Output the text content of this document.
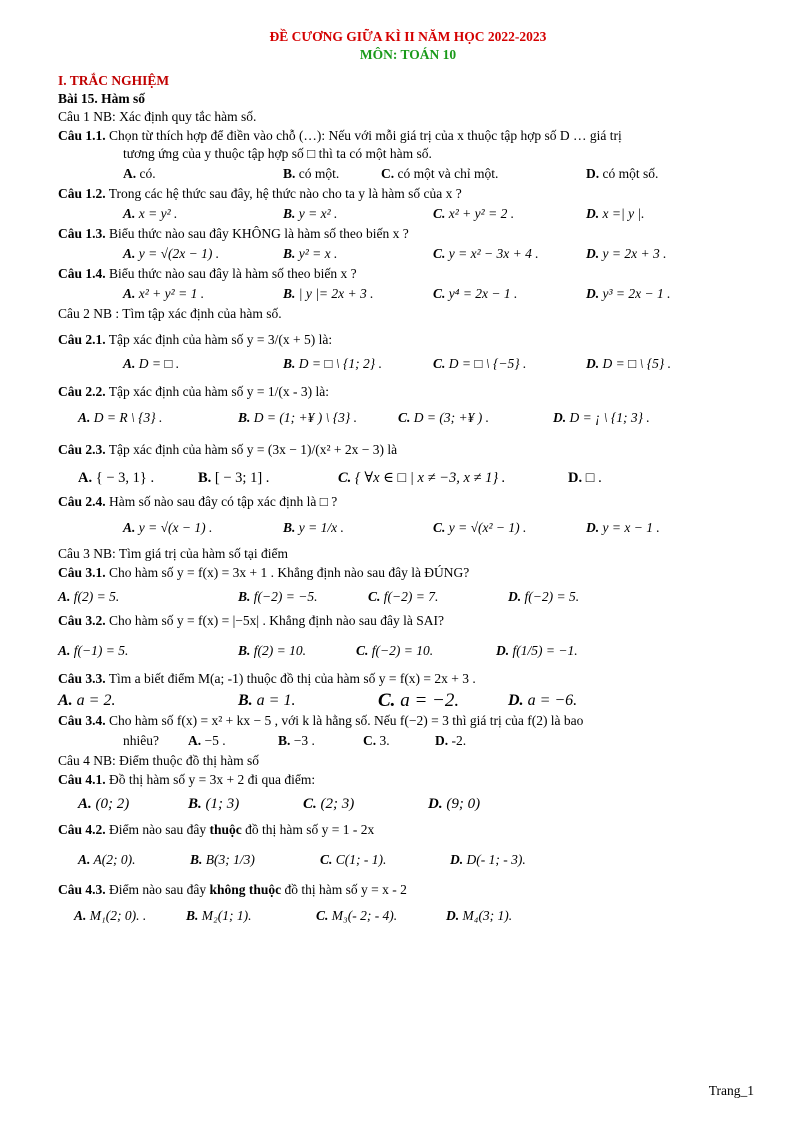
ĐỀ CƯƠNG GIỮA KÌ II NĂM HỌC 2022-2023
MÔN: TOÁN 10
I. TRẮC NGHIỆM
Bài 15. Hàm số
Câu 1 NB: Xác định quy tắc hàm số.
Câu 1.1. Chọn từ thích hợp để điền vào chỗ (…): Nếu với mỗi giá trị của x thuộc tập hợp số D … giá trị
tương ứng của y thuộc tập hợp số □ thì ta có một hàm số.
A. có.	B. có một.	C. có một và chỉ một.	D. có một số.
Câu 1.2. Trong các hệ thức sau đây, hệ thức nào cho ta y là hàm số của x ?
A. x = y² .	B. y = x² .	C. x² + y² = 2 .	D. x =| y |.
Câu 1.3. Biểu thức nào sau đây KHÔNG là hàm số theo biến x ?
A. y = √(2x − 1) .	B. y² = x .	C. y = x² − 3x + 4 .	D. y = 2x + 3 .
Câu 1.4. Biểu thức nào sau đây là hàm số theo biến x ?
A. x² + y² = 1 .	B. | y |= 2x + 3 .	C. y⁴ = 2x − 1 .	D. y³ = 2x − 1 .
Câu 2 NB : Tìm tập xác định của hàm số.
Câu 2.1. Tập xác định của hàm số y = 3/(x + 5) là:
A. D = □ .	B. D = □ \ {1; 2} .	C. D = □ \ {−5} .	D. D = □ \ {5} .
Câu 2.2. Tập xác định của hàm số y = 1/(x - 3) là:
A. D = R \ {3} .	B. D = (1; +¥ ) \ {3} .	C. D = (3; +¥ ) .	D. D = ¡ \ {1; 3} .
Câu 2.3. Tập xác định của hàm số y = (3x − 1)/(x² + 2x − 3) là
A. { − 3, 1} .	B. [ − 3; 1] .	C. { ∀x ∈ □ | x ≠ −3, x ≠ 1} .	D. □ .
Câu 2.4. Hàm số nào sau đây có tập xác định là □ ?
A. y = √(x − 1) .	B. y = 1/x .	C. y = √(x² − 1) .	D. y = x − 1 .
Câu 3 NB: Tìm giá trị của hàm số tại điểm
Câu 3.1. Cho hàm số y = f(x) = 3x + 1 . Khẳng định nào sau đây là ĐÚNG?
A. f(2) = 5.	B. f(−2) = −5.	C. f(−2) = 7.	D. f(−2) = 5.
Câu 3.2. Cho hàm số y = f(x) = |−5x| . Khẳng định nào sau đây là SAI?
A. f(−1) = 5.	B. f(2) = 10.	C. f(−2) = 10.	D. f(1/5) = −1.
Câu 3.3. Tìm a biết điểm M(a; -1) thuộc đồ thị của hàm số y = f(x) = 2x + 3 .
A. a = 2.	B. a = 1.	C. a = −2.	D. a = −6.
Câu 3.4. Cho hàm số f(x) = x² + kx − 5 , với k là hằng số. Nếu f(−2) = 3 thì giá trị của f(2) là bao
nhiêu?	A. −5 .	B. −3 .	C. 3.	D. -2.
Câu 4 NB: Điểm thuộc đồ thị hàm số
Câu 4.1. Đồ thị hàm số y = 3x + 2 đi qua điểm:
A. (0; 2)	B. (1; 3)	C. (2; 3)	D. (9; 0)
Câu 4.2. Điểm nào sau đây thuộc đồ thị hàm số y = 1 - 2x
A. A(2; 0).	B. B(3; 1/3)	C. C(1; - 1).	D. D(- 1; - 3).
Câu 4.3. Điểm nào sau đây không thuộc đồ thị hàm số y = x - 2
A. M₁(2; 0). .	B. M₂(1; 1).	C. M₃(- 2; - 4).	D. M₄(3; 1).
Trang_1
